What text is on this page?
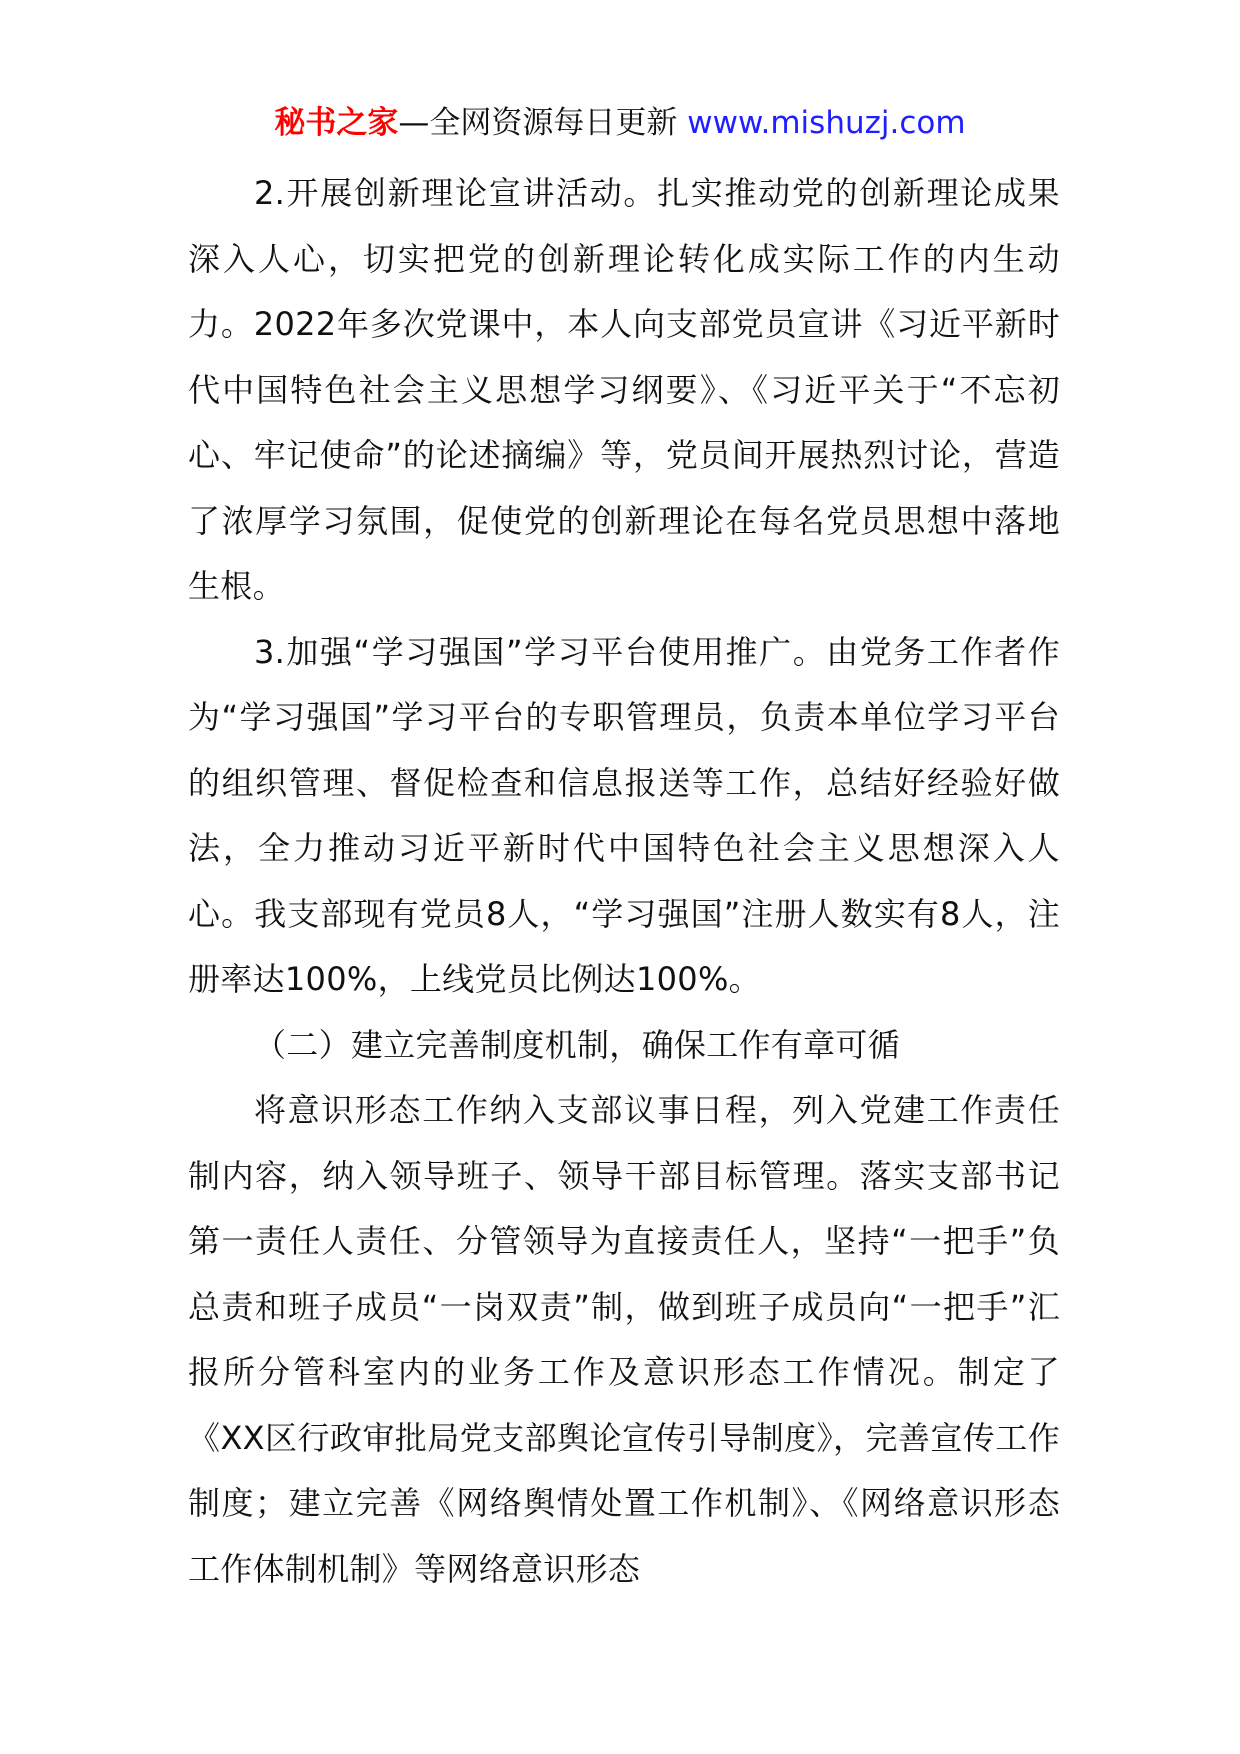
秘书之家—全网资源每日更新 www.mishuzj.com

2.开展创新理论宣讲活动。扎实推动党的创新理论成果深入人心，切实把党的创新理论转化成实际工作的内生动力。2022年多次党课中，本人向支部党员宣讲《习近平新时代中国特色社会主义思想学习纲要》、《习近平关于“不忘初心、牢记使命”的论述摘编》等，党员间开展热烈讨论，营造了浓厚学习氛围，促使党的创新理论在每名党员思想中落地生根。

3.加强“学习强国”学习平台使用推广。由党务工作者作为“学习强国”学习平台的专职管理员，负责本单位学习平台的组织管理、督促检查和信息报送等工作，总结好经验好做法，全力推动习近平新时代中国特色社会主义思想深入人心。我支部现有党员8人，“学习强国”注册人数实有8人，注册率达100%，上线党员比例达100%。

（二）建立完善制度机制，确保工作有章可循

将意识形态工作纳入支部议事日程，列入党建工作责任制内容，纳入领导班子、领导干部目标管理。落实支部书记第一责任人责任、分管领导为直接责任人，坚持“一把手”负总责和班子成员“一岗双责”制，做到班子成员向“一把手”汇报所分管科室内的业务工作及意识形态工作情况。制定了《XX区行政审批局党支部舆论宣传引导制度》，完善宣传工作制度；建立完善《网络舆情处置工作机制》、《网络意识形态工作体制机制》等网络意识形态
